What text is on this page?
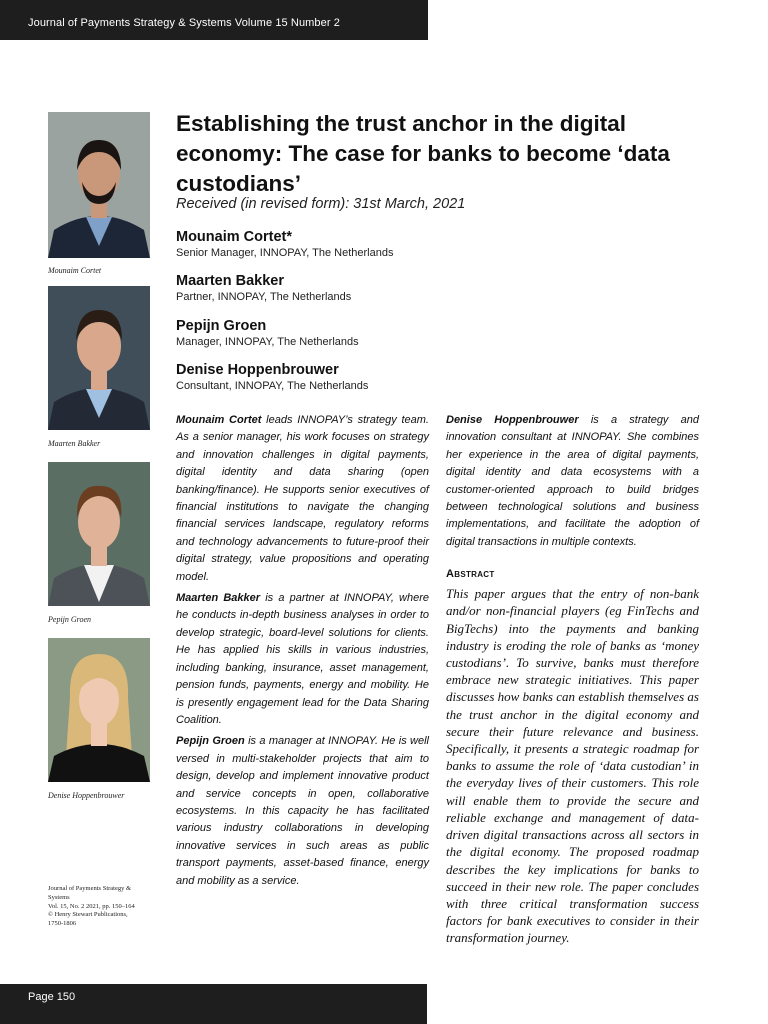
Journal of Payments Strategy & Systems Volume 15 Number 2
Mounaim Cortet
Maarten Bakker
Pepijn Groen
Denise Hoppenbrouwer
Journal of Payments Strategy &
Systems
Vol. 15, No. 2 2021, pp. 150–164
© Henry Stewart Publications,
1750-1806
Establishing the trust anchor in the digital economy: The case for banks to become ‘data custodians’
Received (in revised form): 31st March, 2021
Mounaim Cortet*
Senior Manager, INNOPAY, The Netherlands
Maarten Bakker
Partner, INNOPAY, The Netherlands
Pepijn Groen
Manager, INNOPAY, The Netherlands
Denise Hoppenbrouwer
Consultant, INNOPAY, The Netherlands

Mounaim Cortet leads INNOPAY’s strategy team. As a senior manager, his work focuses on strategy and innovation challenges in digital payments, digital identity and data sharing (open banking/finance). He supports senior executives of financial institutions to navigate the changing financial services landscape, regulatory reforms and technology advancements to future-proof their digital strategy, value propositions and operating model.

Maarten Bakker is a partner at INNOPAY, where he conducts in-depth business analyses in order to develop strategic, board-level solutions for clients. He has applied his skills in various industries, including banking, insurance, asset management, pension funds, payments, energy and mobility. He is presently engagement lead for the Data Sharing Coalition.

Pepijn Groen is a manager at INNOPAY. He is well versed in multi-stakeholder projects that aim to design, develop and implement innovative product and service concepts in open, collaborative ecosystems. In this capacity he has facilitated various industry collaborations in developing innovative services in such areas as public transport payments, asset-based finance, energy and mobility as a service.

Denise Hoppenbrouwer is a strategy and innovation consultant at INNOPAY. She combines her experience in the area of digital payments, digital identity and data ecosystems with a customer-oriented approach to build bridges between technological solutions and business implementations, and facilitate the adoption of digital transactions in multiple contexts.

Abstract
This paper argues that the entry of non-bank and/or non-financial players (eg FinTechs and BigTechs) into the payments and banking industry is eroding the role of banks as ‘money custodians’. To survive, banks must therefore embrace new strategic initiatives. This paper discusses how banks can establish themselves as the trust anchor in the digital economy and secure their future relevance and business. Specifically, it presents a strategic roadmap for banks to assume the role of ‘data custodian’ in the everyday lives of their customers. This role will enable them to provide the secure and reliable exchange and management of data-driven digital transactions across all sectors in the digital economy. The proposed roadmap describes the key implications for banks to succeed in their new role. The paper concludes with three critical transformation success factors for bank executives to consider in their transformation journey.
Page 150
